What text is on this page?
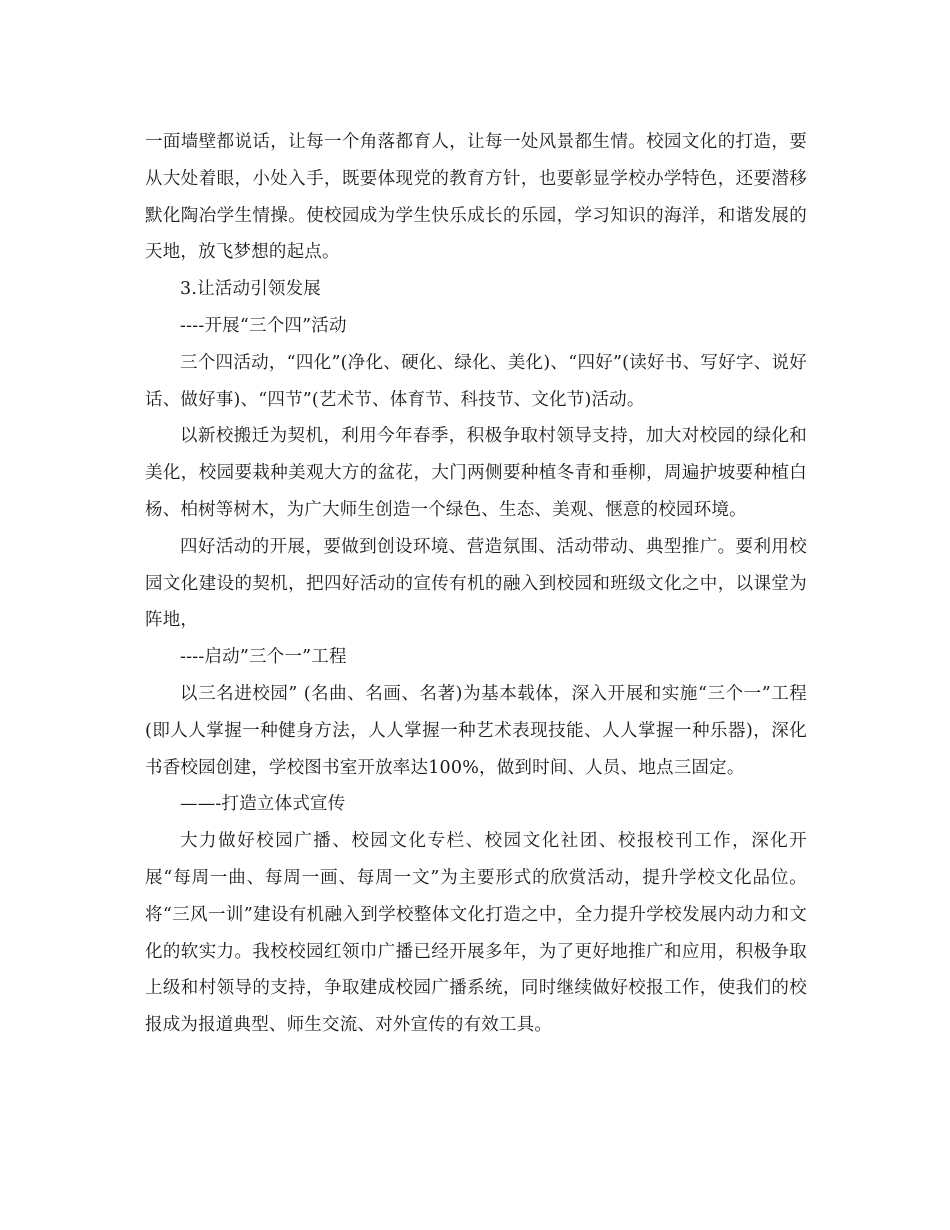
一面墙壁都说话，让每一个角落都育人，让每一处风景都生情。校园文化的打造，要从大处着眼，小处入手，既要体现党的教育方针，也要彰显学校办学特色，还要潜移默化陶冶学生情操。使校园成为学生快乐成长的乐园，学习知识的海洋，和谐发展的天地，放飞梦想的起点。

3.让活动引领发展

----开展“三个四”活动

三个四活动，“四化”(净化、硬化、绿化、美化)、“四好”(读好书、写好字、说好话、做好事)、“四节”(艺术节、体育节、科技节、文化节)活动。

以新校搬迁为契机，利用今年春季，积极争取村领导支持，加大对校园的绿化和美化，校园要栽种美观大方的盆花，大门两侧要种植冬青和垂柳，周遍护坡要种植白杨、柏树等树木，为广大师生创造一个绿色、生态、美观、惬意的校园环境。

四好活动的开展，要做到创设环境、营造氛围、活动带动、典型推广。要利用校园文化建设的契机，把四好活动的宣传有机的融入到校园和班级文化之中，以课堂为阵地，

----启动”三个一”工程

以三名进校园” (名曲、名画、名著)为基本载体，深入开展和实施“三个一”工程(即人人掌握一种健身方法，人人掌握一种艺术表现技能、人人掌握一种乐器)，深化书香校园创建，学校图书室开放率达100%，做到时间、人员、地点三固定。

——-打造立体式宣传

大力做好校园广播、校园文化专栏、校园文化社团、校报校刊工作，深化开展“每周一曲、每周一画、每周一文”为主要形式的欣赏活动，提升学校文化品位。将“三风一训”建设有机融入到学校整体文化打造之中，全力提升学校发展内动力和文化的软实力。我校校园红领巾广播已经开展多年，为了更好地推广和应用，积极争取上级和村领导的支持，争取建成校园广播系统，同时继续做好校报工作，使我们的校报成为报道典型、师生交流、对外宣传的有效工具。
